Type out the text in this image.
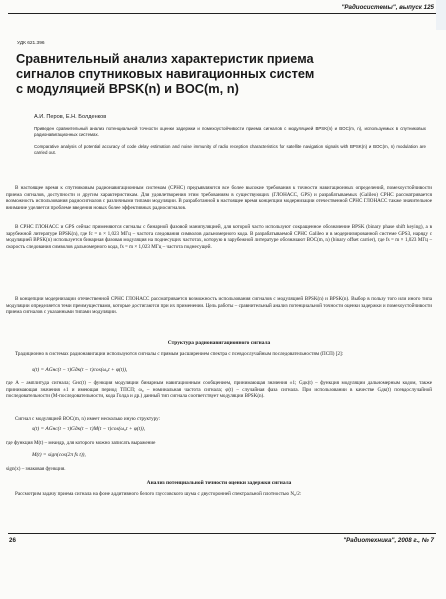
"Радиосистемы", выпуск 125
УДК 621.396
Сравнительный анализ характеристик приема
сигналов спутниковых навигационных систем
с модуляцией BPSK(n) и BOC(m, n)
А.И. Перов, Е.Н. Болденков

Приведен сравнительный анализ потенциальной точности оценки задержки и помехоустойчивости приема сигналов с модуляцией BPSK(n) и BOC(m, n), используемых в спутниковых радионавигационных системах.

Comparative analysis of potential accuracy of code delay estimation and noise immunity of radio reception characteristics for satellite navigation signals with BPSK(n) и BOC(m, n) modulation are carried out.

В настоящее время к спутниковым радионавигационным системам (СРНС) предъявляются все более высокие требования к точности навигационных определений, помехоустойчивости приема сигналов, доступности и другим характеристикам. Для удовлетворения этим требованиям в существующих (ГЛОНАСС, GPS) и разрабатываемых (Galileo) СРНС рассматривается возможность использования радиосигналов с различными типами модуляции. В разработанной в настоящее время концепции модернизации отечественной СРНС ГЛОНАСС также значительное внимание уделяется проблеме введения новых более эффективных радиосигналов.

В СРНС ГЛОНАСС и GPS сейчас применяются сигналы с бинарной фазовой манипуляцией, для которой часто используют сокращенное обозначение BPSK (binary phase shift keying), а в зарубежной литературе BPSK(n), где fc = n × 1,023 МГц – частота следования символов дальномерного кода. В разрабатываемой СРНС Galileo и в модернизированной системе GPS3, наряду с модуляцией BPSK(n) используется бинарная фазовая модуляция на поднесущих частотах, которую в зарубежной литературе обозначают BOC(m, n) (binary offset carrier), где fs = m × 1,023 МГц – скорость следования символов дальномерного кода, fs = m × 1,023 МГц – частота поднесущей.

В концепции модернизации отечественной СРНС ГЛОНАСС рассматривается возможность использования сигналов с модуляцией BPSK(n) и BPSK(n). Выбор в пользу того или иного типа модуляции определяется теми преимуществами, которые достигаются при их применении. Цель работы – сравнительный анализ потенциальной точности оценки задержки и помехоустойчивости приема сигналов с указанными типами модуляции.

Структура радионавигационного сигнала

Традиционно в системах радионавигации используются сигналы с прямым расширением спектра с псевдослучайным последовательностям (ПСП) [2]:

s(t) = AGнс(t − τ)Gдк(t − τ)cos(ω₀t + φ(t)),

где A – амплитуда сигнала; Gнс(t) – функция модуляции бинарным навигационным сообщением, принимающая значения ±1; Gдк(t) – функция модуляции дальномерным кодом, также принимающая значения ±1 и имеющая период TПСП; ω₀ – номинальная частота сигнала; φ(t) – случайная фаза сигнала. При использовании в качестве Gдк(t) псевдослучайной последовательности (M-последовательности, кода Голда и др.) данный тип сигнала соответствует модуляции BPSK(n).

Сигнал с модуляцией BOC(m, n) имеет несколько иную структуру:

s(t) = AGнс(t − τ)Gдк(t − τ)M(t − τ)cos(ω₀t + φ(t)),

где функция M(t) – меандр, для которого можно записать выражение

M(t) = sign(cos(2π fs t)),

sign(x) – знаковая функция.

Анализ потенциальной точности оценки задержки сигнала

Рассмотрим задачу приема сигнала на фоне аддитивного белого гауссовского шума с двусторонней спектральной плотностью N₀/2:

26	"Радиотехника", 2008 г., № 7
